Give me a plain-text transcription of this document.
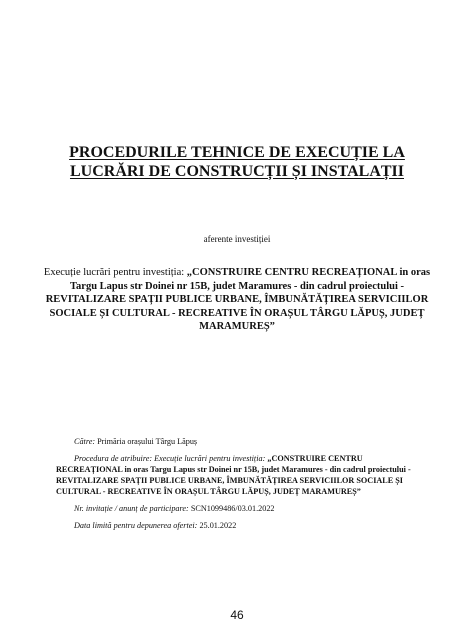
PROCEDURILE TEHNICE DE EXECUȚIE LA
LUCRĂRI DE CONSTRUCȚII ȘI INSTALAȚII
aferente investiției
Execuție lucrări pentru investiția: „CONSTRUIRE CENTRU RECREAȚIONAL in oras Targu Lapus str Doinei nr 15B, judet Maramures - din cadrul proiectului - REVITALIZARE SPAȚII PUBLICE URBANE, ÎMBUNĂTĂȚIREA SERVICIILOR SOCIALE ȘI CULTURAL - RECREATIVE ÎN ORAȘUL TÂRGU LĂPUȘ, JUDEȚ MARAMUREȘ”

Către: Primăria orașului Târgu Lăpuș

Procedura de atribuire: Execuție lucrări pentru investiția: „CONSTRUIRE CENTRU RECREAȚIONAL in oras Targu Lapus str Doinei nr 15B, judet Maramures - din cadrul proiectului - REVITALIZARE SPAȚII PUBLICE URBANE, ÎMBUNĂTĂȚIREA SERVICIILOR SOCIALE ȘI CULTURAL - RECREATIVE ÎN ORAȘUL TÂRGU LĂPUȘ, JUDEȚ MARAMUREȘ”

Nr. invitație / anunț de participare: SCN1099486/03.01.2022

Data limită pentru depunerea ofertei: 25.01.2022

46
